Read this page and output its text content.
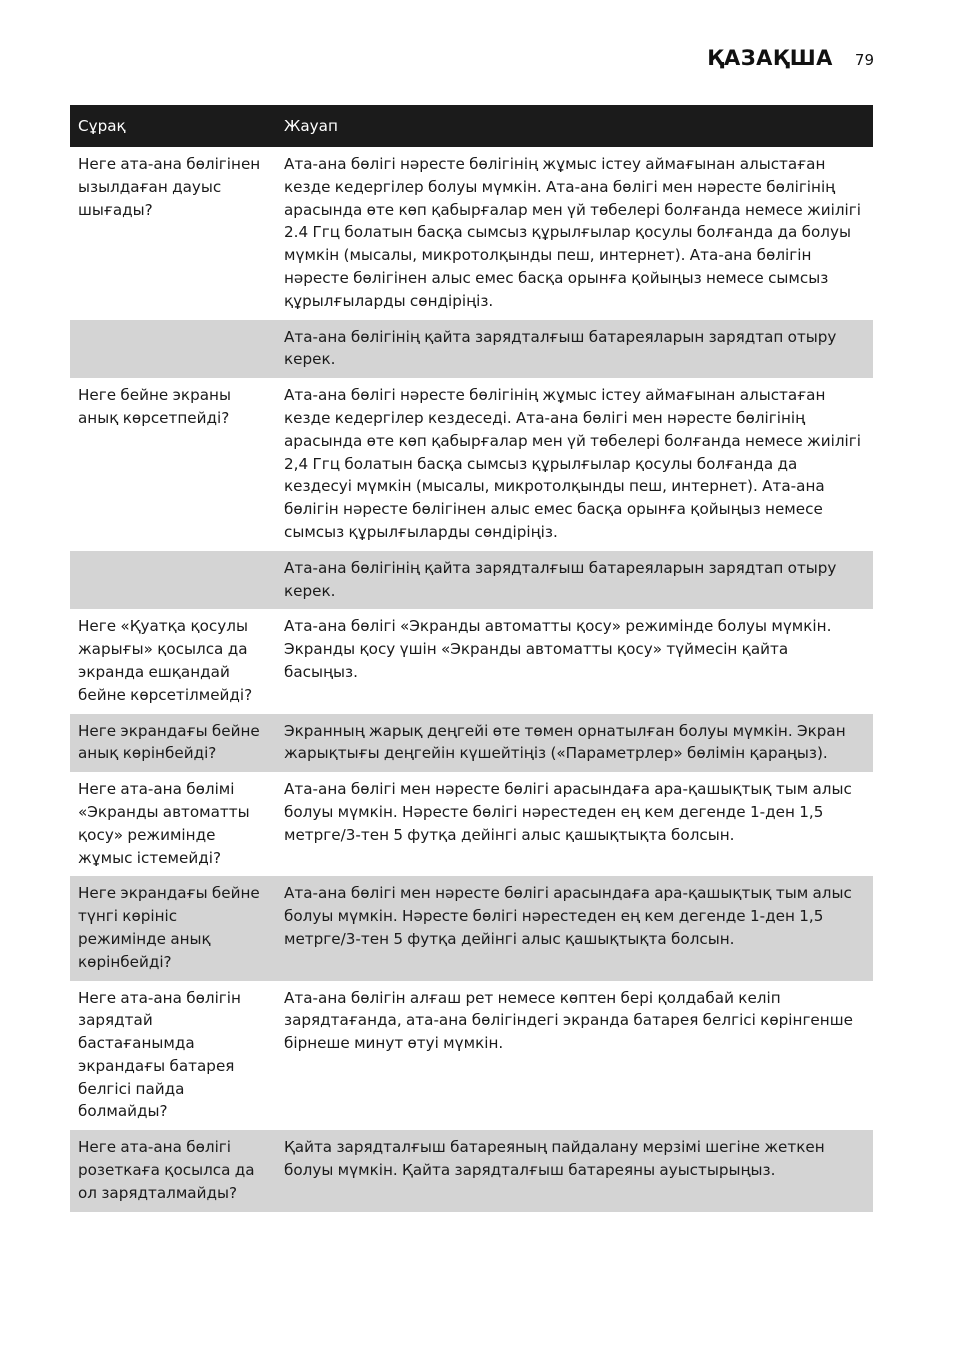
ҚАЗАҚША 79
Сұрақ	Жауап
Неге ата-ана бөлігінен ызылдаған дауыс шығады?	Ата-ана бөлігі нәресте бөлігінің жұмыс істеу аймағынан алыстаған кезде кедергілер болуы мүмкін. Ата-ана бөлігі мен нәресте бөлігінің арасында өте көп қабырғалар мен үй төбелері болғанда немесе жиілігі 2.4 Ггц болатын басқа сымсыз құрылғылар қосулы болғанда да болуы мүмкін (мысалы, микротолқынды пеш, интернет). Ата-ана бөлігін нәресте бөлігінен алыс емес басқа орынға қойыңыз немесе сымсыз құрылғыларды сөндіріңіз.
	Ата-ана бөлігінің қайта зарядталғыш батареяларын зарядтап отыру керек.
Неге бейне экраны анық көрсетпейді?	Ата-ана бөлігі нәресте бөлігінің жұмыс істеу аймағынан алыстаған кезде кедергілер кездеседі. Ата-ана бөлігі мен нәресте бөлігінің арасында өте көп қабырғалар мен үй төбелері болғанда немесе жиілігі 2,4 Ггц болатын басқа сымсыз құрылғылар қосулы болғанда да кездесуі мүмкін (мысалы, микротолқынды пеш, интернет). Ата-ана бөлігін нәресте бөлігінен алыс емес басқа орынға қойыңыз немесе сымсыз құрылғыларды сөндіріңіз.
	Ата-ана бөлігінің қайта зарядталғыш батареяларын зарядтап отыру керек.
Неге «Қуатқа қосулы жарығы» қосылса да экранда ешқандай бейне көрсетілмейді?	Ата-ана бөлігі «Экранды автоматты қосу» режимінде болуы мүмкін. Экранды қосу үшін «Экранды автоматты қосу» түймесін қайта басыңыз.
Неге экрандағы бейне анық көрінбейді?	Экранның жарық деңгейі өте төмен орнатылған болуы мүмкін. Экран жарықтығы деңгейін күшейтіңіз («Параметрлер» бөлімін қараңыз).
Неге ата-ана бөлімі «Экранды автоматты қосу» режимінде жұмыс істемейді?	Ата-ана бөлігі мен нәресте бөлігі арасындаға ара-қашықтық тым алыс болуы мүмкін. Нәресте бөлігі нәрестеден ең кем дегенде 1-ден 1,5 метрге/3-тен 5 футқа дейінгі алыс қашықтықта болсын.
Неге экрандағы бейне түнгі көрініс режимінде анық көрінбейді?	Ата-ана бөлігі мен нәресте бөлігі арасындаға ара-қашықтық тым алыс болуы мүмкін. Нәресте бөлігі нәрестеден ең кем дегенде 1-ден 1,5 метрге/3-тен 5 футқа дейінгі алыс қашықтықта болсын.
Неге ата-ана бөлігін зарядтай бастағанымда экрандағы батарея белгісі пайда болмайды?	Ата-ана бөлігін алғаш рет немесе көптен бері қолдабай келіп зарядтағанда, ата-ана бөлігіндегі экранда батарея белгісі көрінгенше бірнеше минут өтуі мүмкін.
Неге ата-ана бөлігі розеткаға қосылса да ол зарядталмайды?	Қайта зарядталғыш батареяның пайдалану мерзімі шегіне жеткен болуы мүмкін. Қайта зарядталғыш батареяны ауыстырыңыз.
